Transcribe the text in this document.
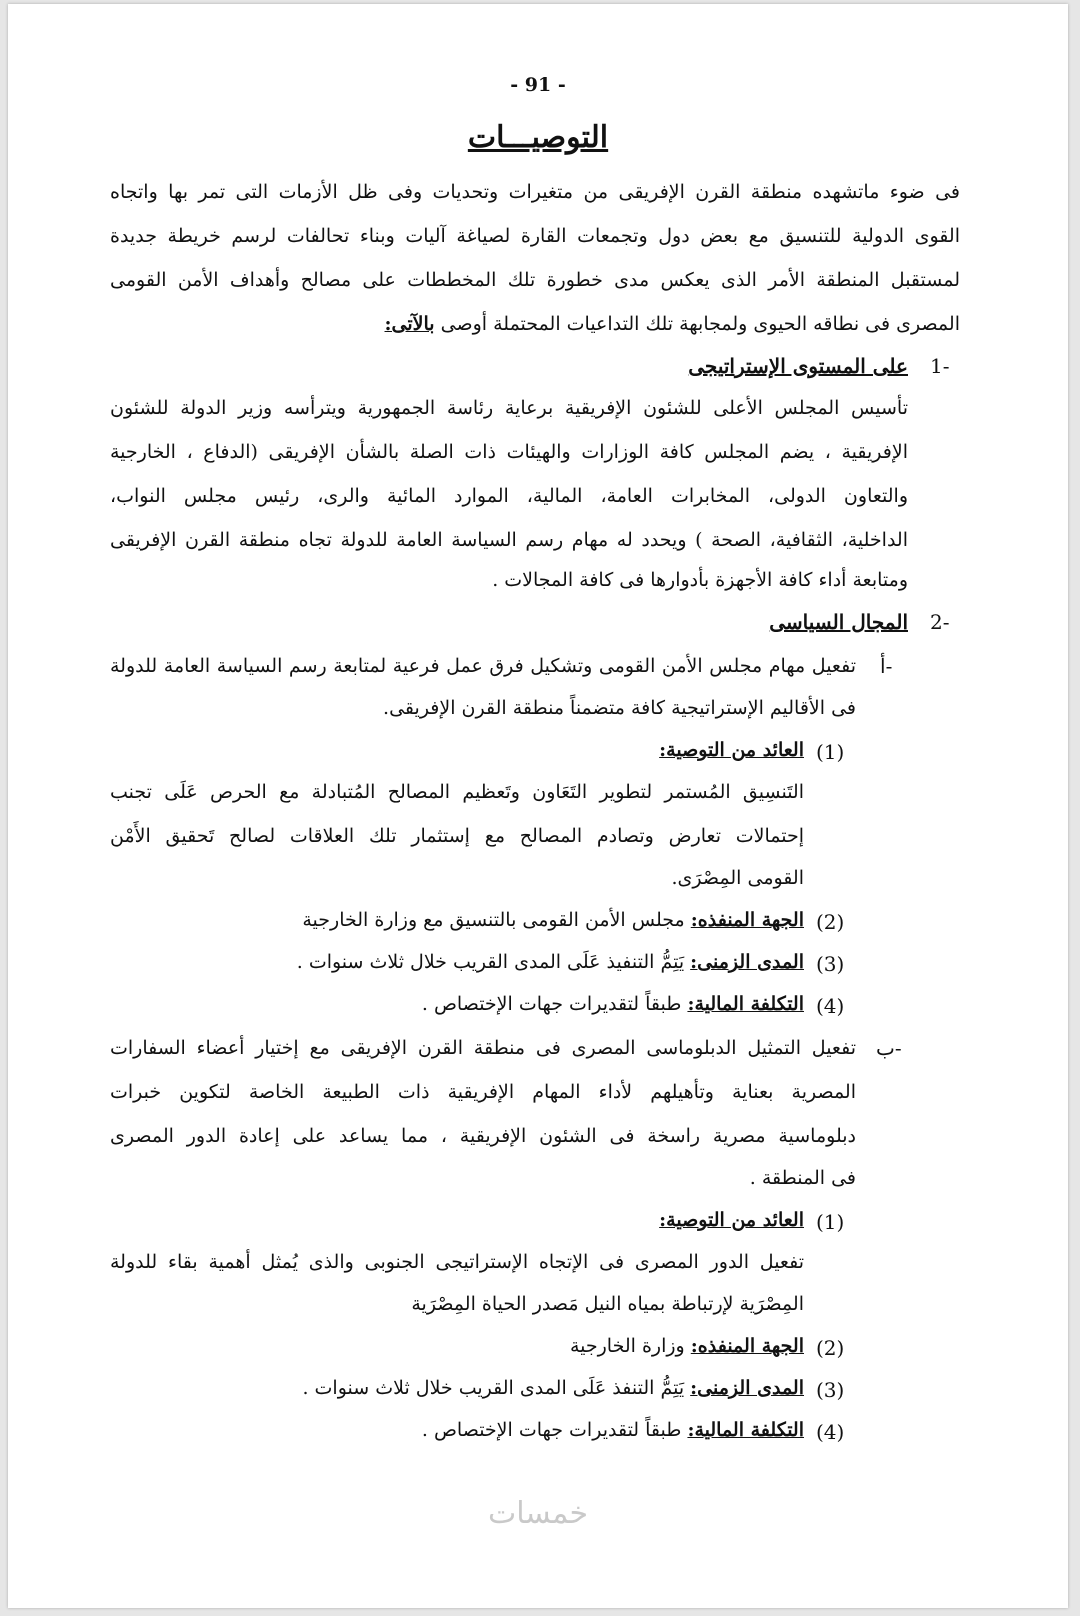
- 91 -
التوصيـــات
فى ضوء ماتشهده منطقة القرن الإفريقى من متغيرات وتحديات وفى ظل الأزمات التى تمر بها واتجاه
القوى الدولية للتنسيق مع بعض دول وتجمعات القارة لصياغة آليات وبناء تحالفات لرسم خريطة جديدة
لمستقبل المنطقة الأمر الذى يعكس مدى خطورة تلك المخططات على مصالح وأهداف الأمن القومى
المصرى فى نطاقه الحيوى ولمجابهة تلك التداعيات المحتملة أوصى بالآتى:
1-
على المستوى الإستراتيجى
تأسيس المجلس الأعلى للشئون الإفريقية برعاية رئاسة الجمهورية ويترأسه وزير الدولة للشئون
الإفريقية ، يضم المجلس كافة الوزارات والهيئات ذات الصلة بالشأن الإفريقى (الدفاع ، الخارجية
والتعاون الدولى، المخابرات العامة، المالية، الموارد المائية والرى، رئيس مجلس النواب،
الداخلية، الثقافية، الصحة ) ويحدد له مهام رسم السياسة العامة للدولة تجاه منطقة القرن الإفريقى
ومتابعة أداء كافة الأجهزة بأدوارها فى كافة المجالات .
2-
المجال السياسى
أ-
تفعيل مهام مجلس الأمن القومى وتشكيل فرق عمل فرعية لمتابعة رسم السياسة العامة للدولة
فى الأقاليم الإستراتيجية كافة متضمناً منطقة القرن الإفريقى.
(1)
العائد من التوصية:
التَنسِيق المُستمر لتطوير التَعَاون وتَعظيم المصالح المُتبادلة مع الحرص عَلَى تجنب
إحتمالات تعارض وتصادم المصالح مع إستثمار تلك العلاقات لصالح تَحقيق الأَمْن
القومى المِصْرَى.
(2)
الجهة المنفذه: مجلس الأمن القومى بالتنسيق مع وزارة الخارجية
(3)
المدى الزمنى: يَتِمُّ التنفيذ عَلَى المدى القريب خلال ثلاث سنوات .
(4)
التكلفة المالية: طبقاً لتقديرات جهات الإختصاص .
ب-
تفعيل التمثيل الدبلوماسى المصرى فى منطقة القرن الإفريقى مع إختيار أعضاء السفارات
المصرية بعناية وتأهيلهم لأداء المهام الإفريقية ذات الطبيعة الخاصة لتكوين خبرات
دبلوماسية مصرية راسخة فى الشئون الإفريقية ، مما يساعد على إعادة الدور المصرى
فى المنطقة .
(1)
العائد من التوصية:
تفعيل الدور المصرى فى الإتجاه الإستراتيجى الجنوبى والذى يُمثل أهمية بقاء للدولة
المِصْرَية لإرتباطة بمياه النيل مَصدر الحياة المِصْرَية
(2)
الجهة المنفذه: وزارة الخارجية
(3)
المدى الزمنى: يَتِمُّ التنفذ عَلَى المدى القريب خلال ثلاث سنوات .
(4)
التكلفة المالية: طبقاً لتقديرات جهات الإختصاص .
خمسات
